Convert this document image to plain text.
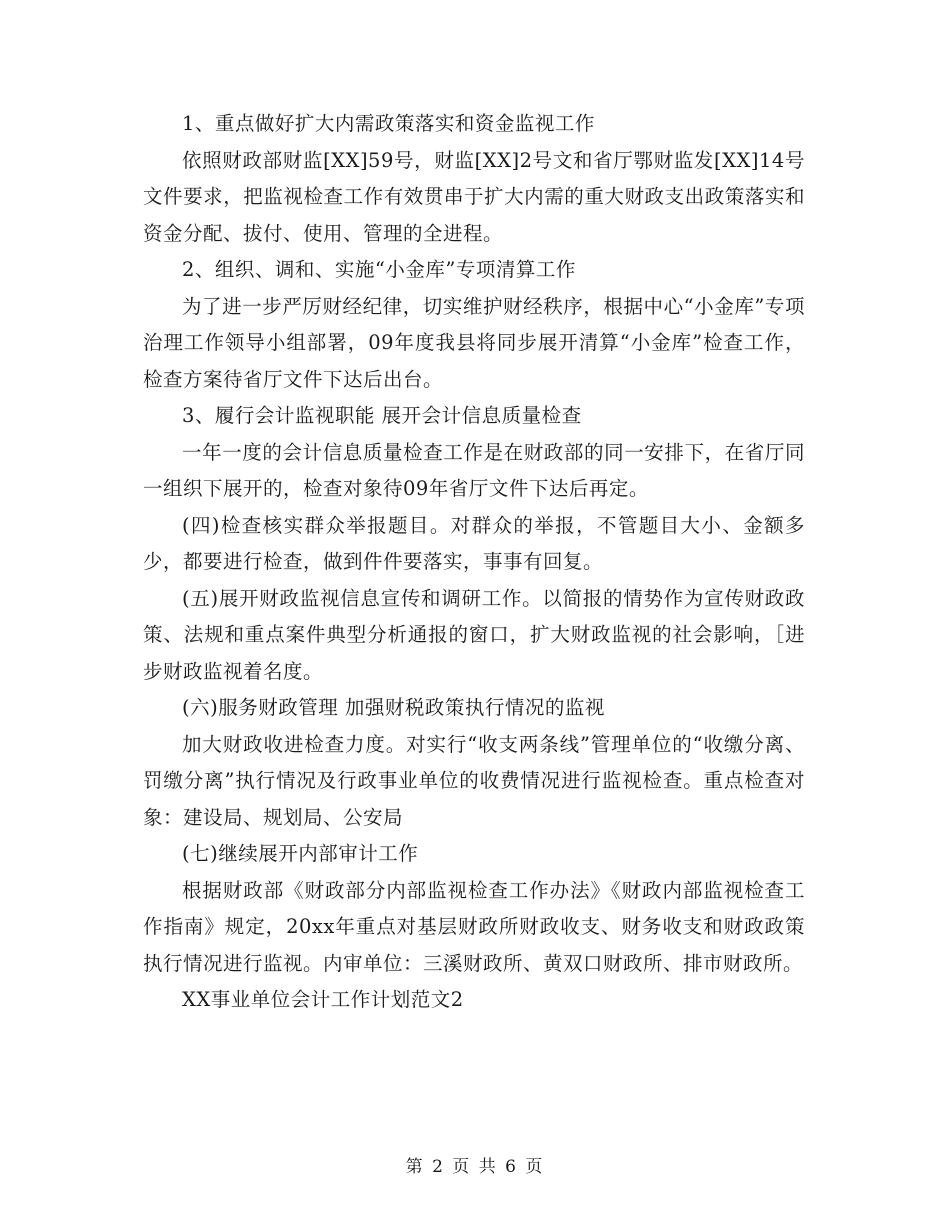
1、重点做好扩大内需政策落实和资金监视工作

依照财政部财监[XX]59号，财监[XX]2号文和省厅鄂财监发[XX]14号文件要求，把监视检查工作有效贯串于扩大内需的重大财政支出政策落实和资金分配、拔付、使用、管理的全进程。

2、组织、调和、实施“小金库”专项清算工作

为了进一步严厉财经纪律，切实维护财经秩序，根据中心“小金库”专项治理工作领导小组部署，09年度我县将同步展开清算“小金库”检查工作，检查方案待省厅文件下达后出台。

3、履行会计监视职能 展开会计信息质量检查

一年一度的会计信息质量检查工作是在财政部的同一安排下，在省厅同一组织下展开的，检查对象待09年省厅文件下达后再定。

(四)检查核实群众举报题目。对群众的举报，不管题目大小、金额多少，都要进行检查，做到件件要落实，事事有回复。

(五)展开财政监视信息宣传和调研工作。以简报的情势作为宣传财政政策、法规和重点案件典型分析通报的窗口，扩大财政监视的社会影响，［进步财政监视着名度。

(六)服务财政管理 加强财税政策执行情况的监视

加大财政收进检查力度。对实行“收支两条线”管理单位的“收缴分离、罚缴分离”执行情况及行政事业单位的收费情况进行监视检查。重点检查对象：建设局、规划局、公安局

(七)继续展开内部审计工作

根据财政部《财政部分内部监视检查工作办法》《财政内部监视检查工作指南》规定，20xx年重点对基层财政所财政收支、财务收支和财政政策执行情况进行监视。内审单位：三溪财政所、黄双口财政所、排市财政所。

XX事业单位会计工作计划范文2

第 2 页 共 6 页
